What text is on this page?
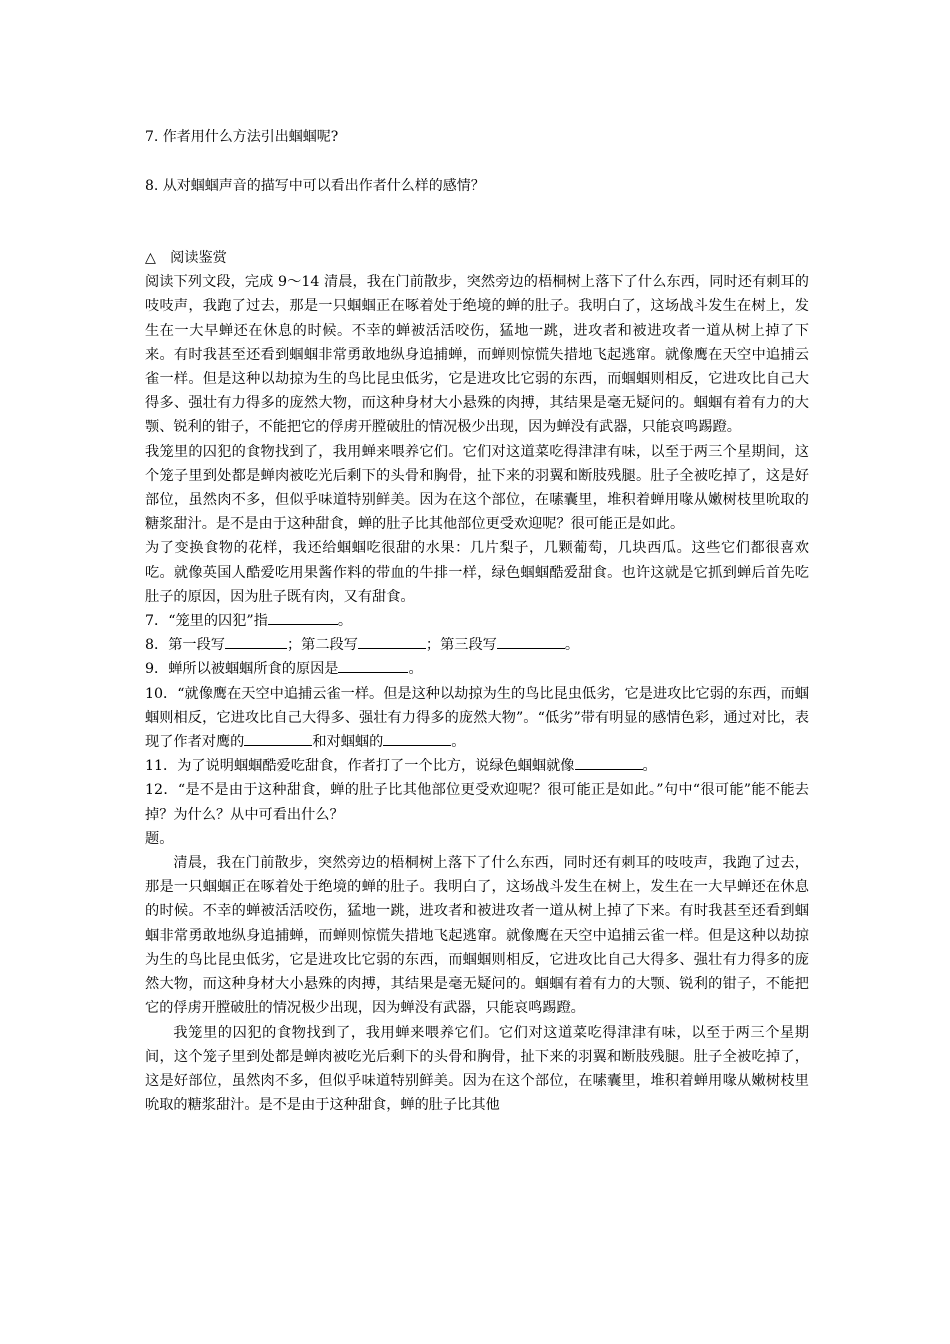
7. 作者用什么方法引出蝈蝈呢?
8. 从对蝈蝈声音的描写中可以看出作者什么样的感情？

△　阅读鉴赏

阅读下列文段，完成 9～14 清晨，我在门前散步，突然旁边的梧桐树上落下了什么东西，同时还有刺耳的吱吱声，我跑了过去，那是一只蝈蝈正在啄着处于绝境的蝉的肚子。我明白了，这场战斗发生在树上，发生在一大早蝉还在休息的时候。不幸的蝉被活活咬伤，猛地一跳，进攻者和被进攻者一道从树上掉了下来。有时我甚至还看到蝈蝈非常勇敢地纵身追捕蝉，而蝉则惊慌失措地飞起逃窜。就像鹰在天空中追捕云雀一样。但是这种以劫掠为生的鸟比昆虫低劣，它是进攻比它弱的东西，而蝈蝈则相反，它进攻比自己大得多、强壮有力得多的庞然大物，而这种身材大小悬殊的肉搏，其结果是毫无疑问的。蝈蝈有着有力的大颚、锐利的钳子，不能把它的俘虏开膛破肚的情况极少出现，因为蝉没有武器，只能哀鸣踢蹬。

我笼里的囚犯的食物找到了，我用蝉来喂养它们。它们对这道菜吃得津津有味，以至于两三个星期间，这个笼子里到处都是蝉肉被吃光后剩下的头骨和胸骨，扯下来的羽翼和断肢残腿。肚子全被吃掉了，这是好部位，虽然肉不多，但似乎味道特别鲜美。因为在这个部位，在嗉囊里，堆积着蝉用喙从嫩树枝里吮取的糖浆甜汁。是不是由于这种甜食，蝉的肚子比其他部位更受欢迎呢？很可能正是如此。

为了变换食物的花样，我还给蝈蝈吃很甜的水果：几片梨子，几颗葡萄，几块西瓜。这些它们都很喜欢吃。就像英国人酷爱吃用果酱作料的带血的牛排一样，绿色蝈蝈酷爱甜食。也许这就是它抓到蝉后首先吃肚子的原因，因为肚子既有肉，又有甜食。

7．“笼里的囚犯”指	。

8．第一段写	；第二段写	；第三段写	。

9．蝉所以被蝈蝈所食的原因是	。

10．“就像鹰在天空中追捕云雀一样。但是这种以劫掠为生的鸟比昆虫低劣，它是进攻比它弱的东西，而蝈蝈则相反，它进攻比自己大得多、强壮有力得多的庞然大物”。“低劣”带有明显的感情色彩，通过对比，表现了作者对鹰的	和对蝈蝈的	。

11．为了说明蝈蝈酷爱吃甜食，作者打了一个比方，说绿色蝈蝈就像	。

12．“是不是由于这种甜食，蝉的肚子比其他部位更受欢迎呢？很可能正是如此。”句中“很可能”能不能去掉？为什么？从中可看出什么？

题。

清晨，我在门前散步，突然旁边的梧桐树上落下了什么东西，同时还有刺耳的吱吱声，我跑了过去，那是一只蝈蝈正在啄着处于绝境的蝉的肚子。我明白了，这场战斗发生在树上，发生在一大早蝉还在休息的时候。不幸的蝉被活活咬伤，猛地一跳，进攻者和被进攻者一道从树上掉了下来。有时我甚至还看到蝈蝈非常勇敢地纵身追捕蝉，而蝉则惊慌失措地飞起逃窜。就像鹰在天空中追捕云雀一样。但是这种以劫掠为生的鸟比昆虫低劣，它是进攻比它弱的东西，而蝈蝈则相反，它进攻比自己大得多、强壮有力得多的庞然大物，而这种身材大小悬殊的肉搏，其结果是毫无疑问的。蝈蝈有着有力的大颚、锐利的钳子，不能把它的俘虏开膛破肚的情况极少出现，因为蝉没有武器，只能哀鸣踢蹬。

我笼里的囚犯的食物找到了，我用蝉来喂养它们。它们对这道菜吃得津津有味，以至于两三个星期间，这个笼子里到处都是蝉肉被吃光后剩下的头骨和胸骨，扯下来的羽翼和断肢残腿。肚子全被吃掉了，这是好部位，虽然肉不多，但似乎味道特别鲜美。因为在这个部位，在嗉囊里，堆积着蝉用喙从嫩树枝里吮取的糖浆甜汁。是不是由于这种甜食，蝉的肚子比其他
